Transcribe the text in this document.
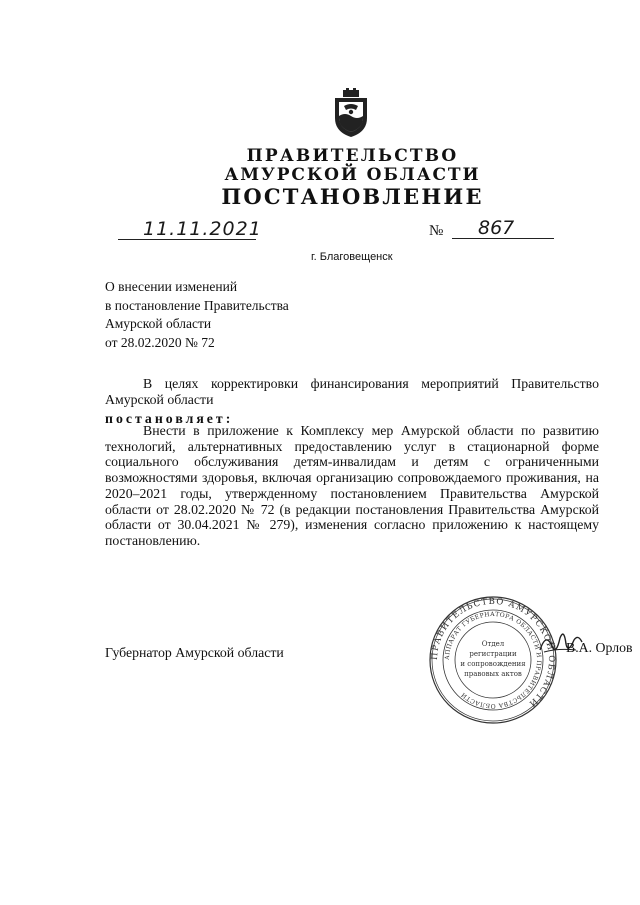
ПРАВИТЕЛЬСТВО
АМУРСКОЙ ОБЛАСТИ
ПОСТАНОВЛЕНИЕ
11.11.2021	№ 867
г. Благовещенск
О внесении изменений
в постановление Правительства
Амурской области
от 28.02.2020 № 72
В целях корректировки финансирования мероприятий Правительство Амурской области
постановляет:
Внести в приложение к Комплексу мер Амурской области по развитию технологий, альтернативных предоставлению услуг в стационарной форме социального обслуживания детям-инвалидам и детям с ограниченными возможностями здоровья, включая организацию сопровождаемого проживания, на 2020–2021 годы, утвержденному постановлением Правительства Амурской области от 28.02.2020 № 72 (в редакции постановления Правительства Амурской области от 30.04.2021 № 279), изменения согласно приложению к настоящему постановлению.
Губернатор Амурской области	ПРАВИТЕЛЬСТВО АМУРСКОЙ ОБЛАСТИ
АППАРАТ ГУБЕРНАТОРА ОБЛАСТИ И ПРАВИТЕЛЬСТВА ОБЛАСТИ
Отдел
регистрации
и сопровождения
правовых актов
В.А. Орлов
